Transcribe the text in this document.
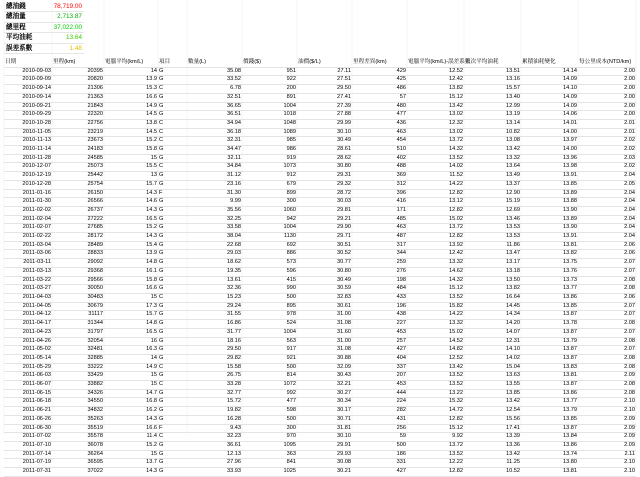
總油錢	78,719.00
總油量	2,713.87
總里程	37,022.00
平均油耗	13.64
誤差系數	1.48
日期	里程(km)	電腦平均(km/L)	項目	數量(L)	價錢($)	油價($/L)	里程差異(km)	電腦平均(km/L)-誤差系數	五次平均油耗	累積油耗變化	每公里成本(NTD/km)
2010-09-03	20395	14	G	35.08	951	27.11	429	12.52	13.51	14.14	2.00
2010-09-09	20820	13.9	G	33.52	922	27.51	425	12.42	13.16	14.09	2.00
2010-09-14	21306	15.3	C	6.78	200	29.50	486	13.82	15.57	14.10	2.00
2010-09-14	21363	16.6	G	32.51	891	27.41	57	15.12	13.40	14.09	2.00
2010-09-21	21843	14.9	G	36.65	1004	27.39	480	13.42	12.99	14.09	2.00
2010-09-29	22320	14.5	G	36.51	1018	27.88	477	13.02	13.19	14.06	2.00
2010-10-28	22756	13.8	C	34.94	1048	29.99	436	12.32	13.14	14.01	2.01
2010-11-05	23219	14.5	C	36.18	1089	30.10	463	13.02	10.82	14.00	2.01
2010-11-13	23673	15.2	C	32.31	985	30.49	454	13.72	13.08	13.97	2.02
2010-11-14	24183	15.8	G	34.47	986	28.61	510	14.32	13.42	14.00	2.02
2010-11-28	24585	15	G	32.11	919	28.62	402	13.52	13.32	13.96	2.03
2010-12-07	25073	15.5	C	34.84	1073	30.80	488	14.02	13.64	13.98	2.02
2010-12-19	25442	13	G	31.12	912	29.31	369	11.52	13.49	13.91	2.04
2010-12-28	25754	15.7	G	23.16	679	29.32	312	14.22	13.37	13.85	2.05
2011-01-16	26150	14.3	F	31.30	899	28.72	396	12.82	12.90	13.89	2.04
2011-01-30	26566	14.6	G	9.99	300	30.03	416	13.12	15.19	13.88	2.04
2011-02-02	26737	14.3	G	35.56	1060	29.81	171	12.82	12.69	13.90	2.04
2011-02-04	27222	16.5	G	32.25	942	29.21	485	15.02	13.46	13.89	2.04
2011-02-07	27685	15.2	G	33.58	1004	29.90	463	13.72	13.53	13.90	2.04
2011-02-22	28172	14.3	G	38.04	1130	29.71	487	12.82	13.53	13.91	2.04
2011-03-04	28489	15.4	G	22.68	692	30.51	317	13.92	11.86	13.81	2.06
2011-03-06	28833	13.9	G	29.03	886	30.52	344	12.42	13.47	13.82	2.06
2011-03-11	29092	14.8	G	18.62	573	30.77	259	13.32	13.17	13.75	2.07
2011-03-13	29368	16.1	G	19.35	596	30.80	276	14.62	13.18	13.76	2.07
2011-03-22	29566	15.8	G	13.61	415	30.49	198	14.32	13.50	13.73	2.08
2011-03-27	30050	16.6	G	32.36	990	30.59	484	15.12	13.82	13.77	2.08
2011-04-03	30483	15	C	15.23	500	32.83	433	13.52	16.64	13.86	2.06
2011-04-05	30679	17.3	G	29.24	895	30.61	196	15.82	14.45	13.85	2.07
2011-04-12	31117	15.7	G	31.55	978	31.00	438	14.22	14.34	13.87	2.07
2011-04-17	31344	14.8	G	16.86	524	31.08	227	13.32	14.20	13.78	2.08
2011-04-23	31797	16.5	G	31.77	1004	31.60	453	15.02	14.07	13.87	2.07
2011-04-26	32054	16	G	18.16	563	31.00	257	14.52	12.31	13.79	2.08
2011-05-02	32481	16.3	G	29.50	917	31.08	427	14.82	14.10	13.87	2.07
2011-05-14	32885	14	G	29.82	921	30.88	404	12.52	14.02	13.87	2.08
2011-05-29	33222	14.9	C	15.58	500	32.09	337	13.42	15.04	13.83	2.08
2011-06-03	33429	15	G	26.75	814	30.43	207	13.52	13.63	13.81	2.09
2011-06-07	33882	15	C	33.28	1072	32.21	453	13.52	13.55	13.87	2.08
2011-06-15	34326	14.7	G	32.77	992	30.27	444	13.22	13.85	13.86	2.08
2011-06-18	34550	16.8	G	15.72	477	30.34	224	15.32	13.42	13.77	2.10
2011-06-21	34832	16.2	G	19.82	598	30.17	282	14.72	12.54	13.79	2.10
2011-06-26	35263	14.3	G	16.28	500	30.71	431	12.82	15.56	13.85	2.09
2011-06-30	35519	16.6	F	9.43	300	31.81	256	15.12	17.41	13.87	2.09
2011-07-02	35578	11.4	C	32.23	970	30.10	59	9.92	13.39	13.84	2.09
2011-07-10	36078	15.2	G	36.61	1095	29.91	500	13.72	13.36	13.86	2.09
2011-07-14	36264	15	G	12.13	363	29.93	186	13.52	13.42	13.74	2.11
2011-07-19	36595	13.7	G	27.96	841	30.08	331	12.22	11.25	13.80	2.10
2011-07-31	37022	14.3	G	33.93	1025	30.21	427	12.82	10.52	13.81	2.10
